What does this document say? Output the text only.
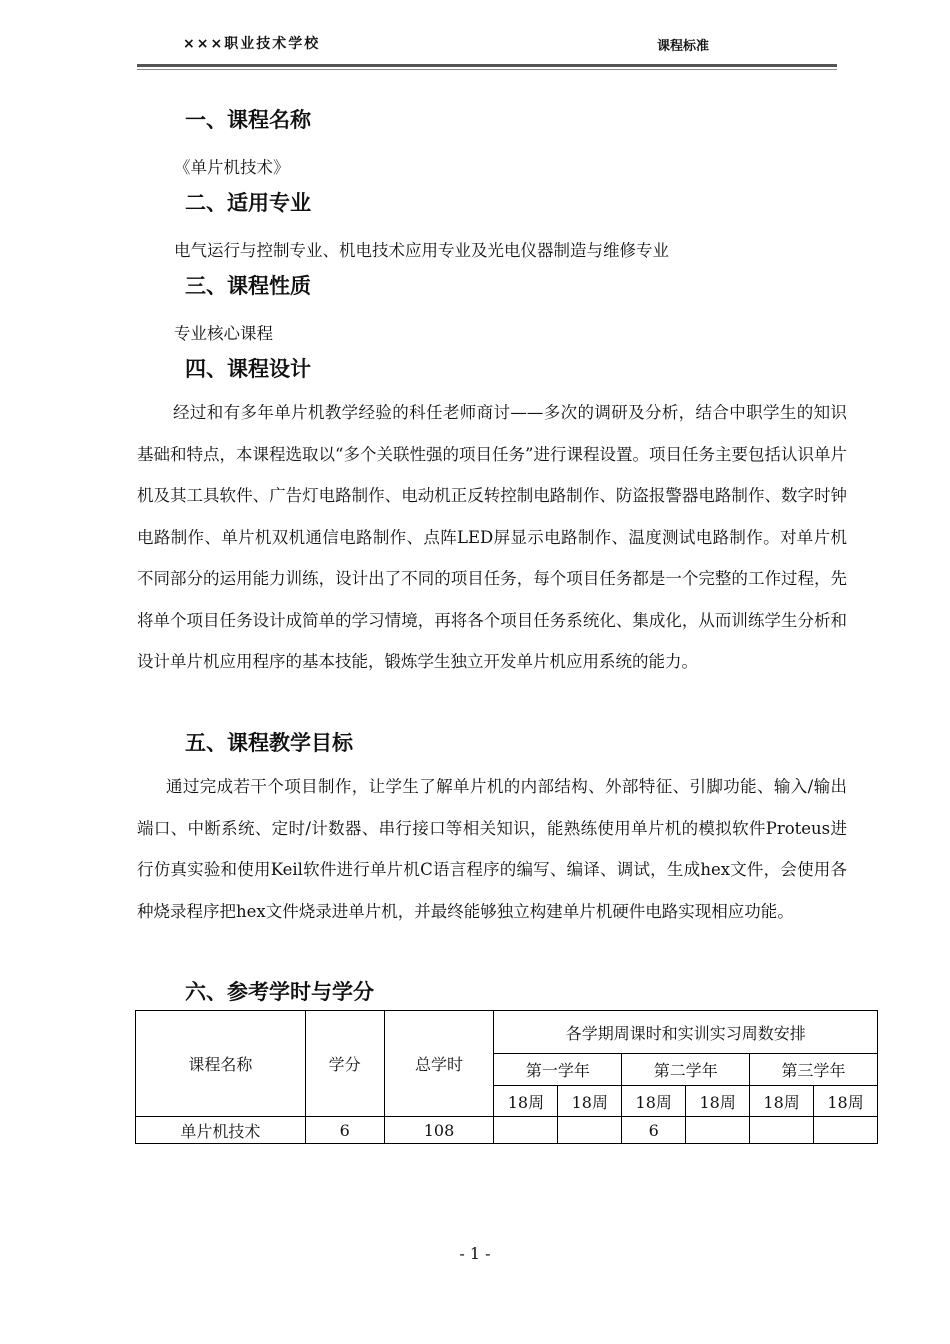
×××职业技术学校	课程标准
一、课程名称

《单片机技术》

二、适用专业

电气运行与控制专业、机电技术应用专业及光电仪器制造与维修专业

三、课程性质

专业核心课程

四、课程设计

经过和有多年单片机教学经验的科任老师商讨——多次的调研及分析，结合中职学生的知识基础和特点，本课程选取以“多个关联性强的项目任务”进行课程设置。项目任务主要包括认识单片机及其工具软件、广告灯电路制作、电动机正反转控制电路制作、防盗报警器电路制作、数字时钟电路制作、单片机双机通信电路制作、点阵LED屏显示电路制作、温度测试电路制作。对单片机不同部分的运用能力训练，设计出了不同的项目任务，每个项目任务都是一个完整的工作过程，先将单个项目任务设计成简单的学习情境，再将各个项目任务系统化、集成化，从而训练学生分析和设计单片机应用程序的基本技能，锻炼学生独立开发单片机应用系统的能力。

五、课程教学目标

通过完成若干个项目制作，让学生了解单片机的内部结构、外部特征、引脚功能、输入/输出端口、中断系统、定时/计数器、串行接口等相关知识，能熟练使用单片机的模拟软件Proteus进行仿真实验和使用Keil软件进行单片机C语言程序的编写、编译、调试，生成hex文件，会使用各种烧录程序把hex文件烧录进单片机，并最终能够独立构建单片机硬件电路实现相应功能。

六、参考学时与学分
课程名称	学分	总学时	各学期周课时和实训实习周数安排					
			第一学年		第二学年		第三学年	
			18周	18周	18周	18周	18周	18周
单片机技术	6	108			6			
- 1 -
